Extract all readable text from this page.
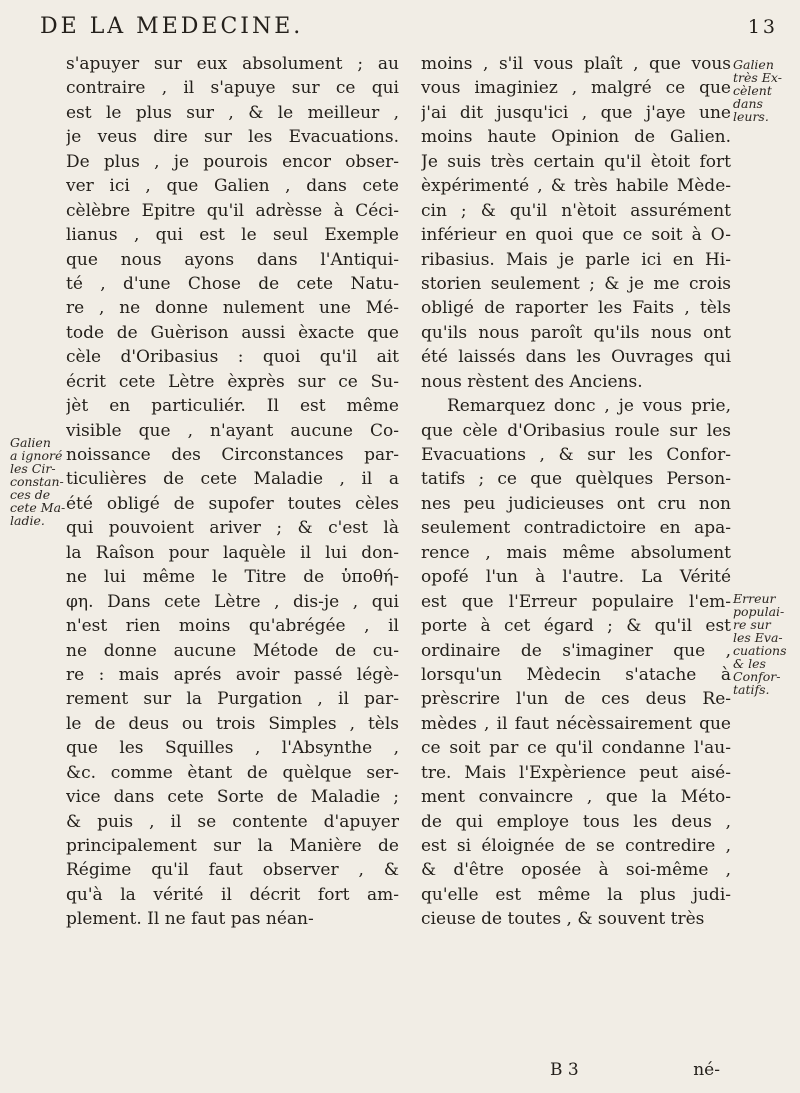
DE LA MEDECINE.	13
s'apuyer sur eux absolument ; au
contraire , il s'apuye sur ce qui
est le plus sur , & le meilleur ,
je veus dire sur les Evacuations.
De plus , je pourois encor obser-
ver ici , que Galien , dans cete
cèlèbre Epitre qu'il adrèsse à Céci-
lianus , qui est le seul Exemple
que nous ayons dans l'Antiqui-
té , d'une Chose de cete Natu-
re , ne donne nulement une Mé-
tode de Guèrison aussi èxacte que
cèle d'Oribasius : quoi qu'il ait
écrit cete Lètre èxprès sur ce Su-
jèt en particuliér. Il est même
visible que , n'ayant aucune Co-
noissance des Circonstances par-
ticulières de cete Maladie , il a
été obligé de supofer toutes cèles
qui pouvoient ariver ; & c'est là
la Raîson pour laquèle il lui don-
ne lui même le Titre de ὑποθή-
φη. Dans cete Lètre , dis-je , qui
n'est rien moins qu'abrégée , il
ne donne aucune Métode de cu-
re : mais aprés avoir passé légè-
rement sur la Purgation , il par-
le de deus ou trois Simples , tèls
que les Squilles , l'Absynthe ,
&c. comme ètant de quèlque ser-
vice dans cete Sorte de Maladie ;
& puis , il se contente d'apuyer
principalement sur la Manière de
Régime qu'il faut observer , &
qu'à la vérité il décrit fort am-
plement. Il ne faut pas néan-
moins , s'il vous plaît , que vous
vous imaginiez , malgré ce que
j'ai dit jusqu'ici , que j'aye une
moins haute Opinion de Galien.
Je suis très certain qu'il ètoit fort
èxpérimenté , & très habile Mède-
cin ; & qu'il n'ètoit assurément
inférieur en quoi que ce soit à O-
ribasius. Mais je parle ici en Hi-
storien seulement ; & je me crois
obligé de raporter les Faits , tèls
qu'ils nous paroît qu'ils nous ont
été laissés dans les Ouvrages qui
nous rèstent des Anciens.
Remarquez donc , je vous prie,
que cèle d'Oribasius roule sur les
Evacuations , & sur les Confor-
tatifs ; ce que quèlques Person-
nes peu judicieuses ont cru non
seulement contradictoire en apa-
rence , mais même absolument
opofé l'un à l'autre. La Vérité
est que l'Erreur populaire l'em-
porte à cet égard ; & qu'il est
ordinaire de s'imaginer que ,
lorsqu'un Mèdecin s'atache à
prèscrire l'un de ces deus Re-
mèdes , il faut nécèssairement que
ce soit par ce qu'il condanne l'au-
tre. Mais l'Expèrience peut aisé-
ment convaincre , que la Méto-
de qui employe tous les deus ,
est si éloignée de se contredire ,
& d'être oposée à soi-même ,
qu'elle est même la plus judi-
cieuse de toutes , & souvent très
Galien
a ignoré
les Cir-
constan-
ces de
cete Ma-
ladie.
Galien
très Ex-
cèlent
dans
leurs.
Erreur
populai-
re sur
les Eva-
cuations
& les
Confor-
tatifs.
B 3	né-
